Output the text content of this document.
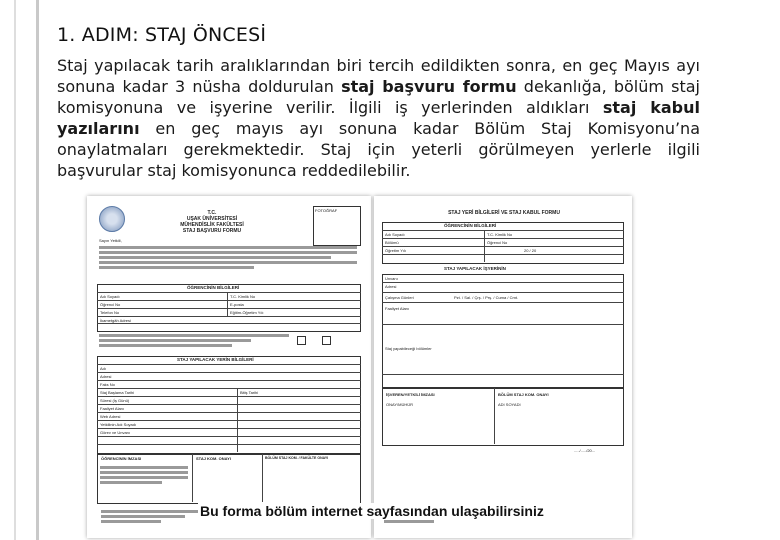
1. ADIM: STAJ ÖNCESİ
Staj yapılacak tarih aralıklarından biri tercih edildikten sonra, en geç Mayıs ayı sonuna kadar 3 nüsha doldurulan staj başvuru formu dekanlığa, bölüm staj komisyonuna ve işyerine verilir. İlgili iş yerlerinden aldıkları staj kabul yazılarını en geç mayıs ayı sonuna kadar Bölüm Staj Komisyonu’na onaylatmaları gerekmektedir. Staj için yeterli görülmeyen yerlerle ilgili başvurular staj komisyonunca reddedilebilir.
T.C.
UŞAK ÜNİVERSİTESİ
MÜHENDİSLİK FAKÜLTESİ
STAJ BAŞVURU FORMU
FOTOĞRAF
Sayın Yetkili,
ÖĞRENCİNİN BİLGİLERİ
Adı Soyadı	T.C. Kimlik No
Öğrenci No	E-posta
Telefon No	Eğitim-Öğretim Yılı
İkametgâh Adresi
STAJ YAPILACAK YERİN BİLGİLERİ
Adı
Adresi
Faks No
Staj Başlama Tarihi	Bitiş Tarihi
Süresi (İş Günü)
Faaliyet Alanı
Web Adresi
Yetkilinin Adı Soyadı
Görev ve Unvanı
ÖĞRENCİNİN İMZASI	STAJ KOM. ONAYI	BÖLÜM STAJ KOM. / FAKÜLTE ONAYI
STAJ YERİ BİLGİLERİ VE STAJ KABUL FORMU
ÖĞRENCİNİN BİLGİLERİ
Adı Soyadı	T.C. Kimlik No
Bölümü	Öğrenci No
Öğretim Yılı	20 / 20
STAJ YAPILACAK İŞYERİNİN
Unvanı
Adresi
Çalışma Günleri	Pzt. / Sal. / Çrş. / Prş. / Cuma / Cmt.
Faaliyet Alanı
Staj yapabileceği bölümler
İŞVEREN/YETKİLİ İMZASI	BÖLÜM STAJ KOM. ONAYI
ONAY/MÜHÜR	ADI SOYADI
...../...../20...
Bu forma bölüm internet sayfasından ulaşabilirsiniz
